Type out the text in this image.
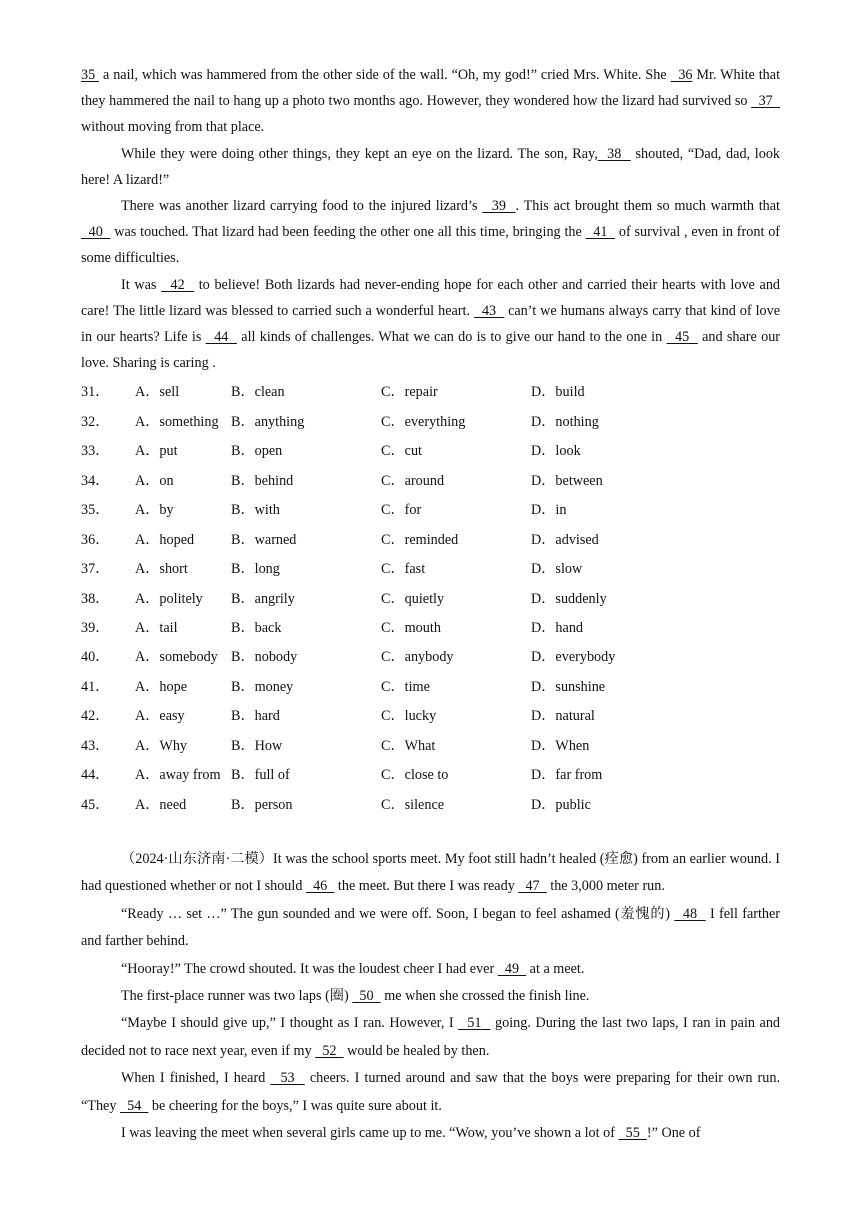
35  a nail, which was hammered from the other side of the wall. “Oh, my god!” cried Mrs. White. She   36 Mr. White that they hammered the nail to hang up a photo two months ago. However, they wondered how the lizard had survived so   37   without moving from that place.

While they were doing other things, they kept an eye on the lizard. The son, Ray,  38   shouted, “Dad, dad, look here! A lizard!”

There was another lizard carrying food to the injured lizard’s   39  . This act brought them so much warmth that   40   was touched. That lizard had been feeding the other one all this time, bringing the   41   of survival , even in front of some difficulties.

It was   42   to believe! Both lizards had never-ending hope for each other and carried their hearts with love and care! The little lizard was blessed to carried such a wonderful heart.   43   can’t we humans always carry that kind of love in our hearts? Life is   44   all kinds of challenges. What we can do is to give our hand to the one in   45   and share our love. Sharing is caring .

31．	A．sell	B．clean	C．repair	D．build
32．	A．something B．anything	C．everything	D．nothing
33．	A．put	B．open	C．cut	D．look
34．	A．on	B．behind	C．around	D．between
35．	A．by	B．with	C．for	D．in
36．	A．hoped	B．warned	C．reminded	D．advised
37．	A．short	B．long	C．fast	D．slow
38．	A．politely	B．angrily	C．quietly	D．suddenly
39．	A．tail	B．back	C．mouth	D．hand
40．	A．somebody B．nobody	C．anybody	D．everybody
41．	A．hope	B．money	C．time	D．sunshine
42．	A．easy	B．hard	C．lucky	D．natural
43．	A．Why	B．How	C．What	D．When
44．	A．away from B．full of	C．close to	D．far from
45．	A．need	B．person	C．silence	D．public

（2024·山东济南·二模）It was the school sports meet. My foot still hadn’t healed (痊愈) from an earlier wound. I had questioned whether or not I should   46   the meet. But there I was ready   47   the 3,000 meter run.

“Ready … set …” The gun sounded and we were off. Soon, I began to feel ashamed (羞愧的)   48   I fell farther and farther behind.

“Hooray!” The crowd shouted. It was the loudest cheer I had ever   49   at a meet.

The first-place runner was two laps (圈)   50   me when she crossed the finish line.

“Maybe I should give up,” I thought as I ran. However, I   51   going. During the last two laps, I ran in pain and decided not to race next year, even if my   52   would be healed by then.

When I finished, I heard   53   cheers. I turned around and saw that the boys were preparing for their own run. “They   54   be cheering for the boys,” I was quite sure about it.

I was leaving the meet when several girls came up to me. “Wow, you’ve shown a lot of   55  !” One of
